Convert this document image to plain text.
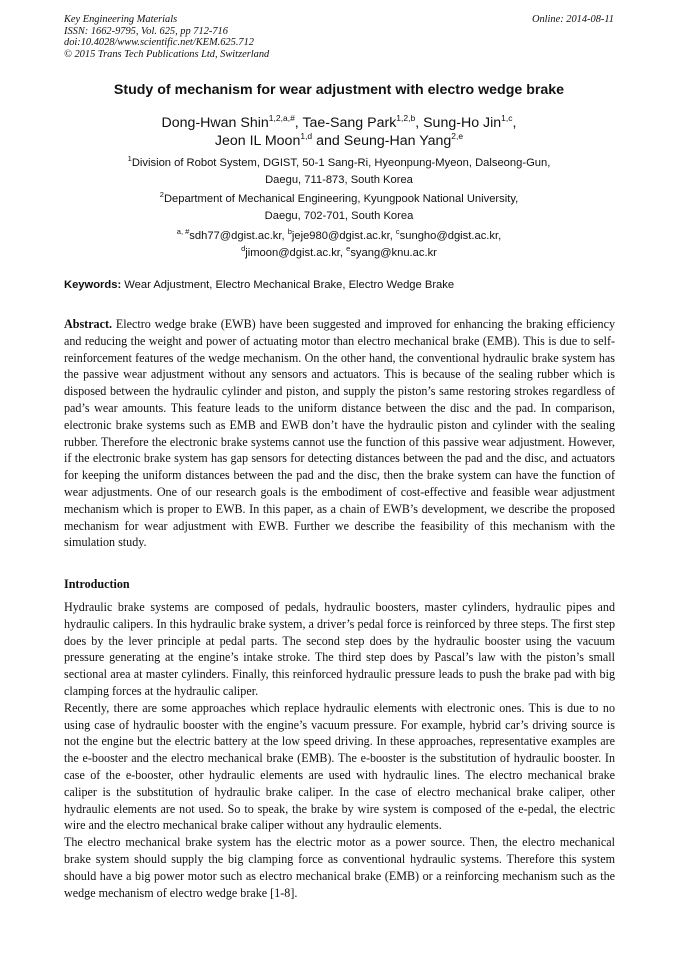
Key Engineering Materials
ISSN: 1662-9795, Vol. 625, pp 712-716
doi:10.4028/www.scientific.net/KEM.625.712
© 2015 Trans Tech Publications Ltd, Switzerland
Online: 2014-08-11
Study of mechanism for wear adjustment with electro wedge brake
Dong-Hwan Shin$^{1,2,a,\#}$, Tae-Sang Park$^{1,2,b}$, Sung-Ho Jin$^{1,c}$,
Jeon IL Moon$^{1,d}$ and Seung-Han Yang$^{2,e}$
$^1$Division of Robot System, DGIST, 50-1 Sang-Ri, Hyeonpung-Myeon, Dalseong-Gun,
Daegu, 711-873, South Korea
$^2$Department of Mechanical Engineering, Kyungpook National University,
Daegu, 702-701, South Korea
$^{a, \#}$sdh77@dgist.ac.kr, $^b$jeje980@dgist.ac.kr, $^c$sungho@dgist.ac.kr,
$^d$jimoon@dgist.ac.kr, $^e$syang@knu.ac.kr
Keywords: Wear Adjustment, Electro Mechanical Brake, Electro Wedge Brake
Abstract. Electro wedge brake (EWB) have been suggested and improved for enhancing the braking efficiency and reducing the weight and power of actuating motor than electro mechanical brake (EMB). This is due to self-reinforcement features of the wedge mechanism. On the other hand, the conventional hydraulic brake system has the passive wear adjustment without any sensors and actuators. This is because of the sealing rubber which is disposed between the hydraulic cylinder and piston, and supply the piston’s same restoring strokes regardless of pad’s wear amounts. This feature leads to the uniform distance between the disc and the pad. In comparison, electronic brake systems such as EMB and EWB don’t have the hydraulic piston and cylinder with the sealing rubber. Therefore the electronic brake systems cannot use the function of this passive wear adjustment. However, if the electronic brake system has gap sensors for detecting distances between the pad and the disc, and actuators for keeping the uniform distances between the pad and the disc, then the brake system can have the function of wear adjustments. One of our research goals is the embodiment of cost-effective and feasible wear adjustment mechanism which is proper to EWB. In this paper, as a chain of EWB’s development, we describe the proposed mechanism for wear adjustment with EWB. Further we describe the feasibility of this mechanism with the simulation study.
Introduction

Hydraulic brake systems are composed of pedals, hydraulic boosters, master cylinders, hydraulic pipes and hydraulic calipers. In this hydraulic brake system, a driver’s pedal force is reinforced by three steps. The first step does by the lever principle at pedal parts. The second step does by the hydraulic booster using the vacuum pressure generating at the engine’s intake stroke. The third step does by Pascal’s law with the piston’s small sectional area at master cylinders. Finally, this reinforced hydraulic pressure leads to push the brake pad with big clamping forces at the hydraulic caliper.

Recently, there are some approaches which replace hydraulic elements with electronic ones. This is due to no using case of hydraulic booster with the engine’s vacuum pressure. For example, hybrid car’s driving source is not the engine but the electric battery at the low speed driving. In these approaches, representative examples are the e-booster and the electro mechanical brake (EMB). The e-booster is the substitution of hydraulic booster. In case of the e-booster, other hydraulic elements are used with hydraulic lines. The electro mechanical brake caliper is the substitution of hydraulic brake caliper. In the case of electro mechanical brake caliper, other hydraulic elements are not used. So to speak, the brake by wire system is composed of the e-pedal, the electric wire and the electro mechanical brake caliper without any hydraulic elements.

The electro mechanical brake system has the electric motor as a power source. Then, the electro mechanical brake system should supply the big clamping force as conventional hydraulic systems. Therefore this system should have a big power motor such as electro mechanical brake (EMB) or a reinforcing mechanism such as the wedge mechanism of electro wedge brake [1-8].
